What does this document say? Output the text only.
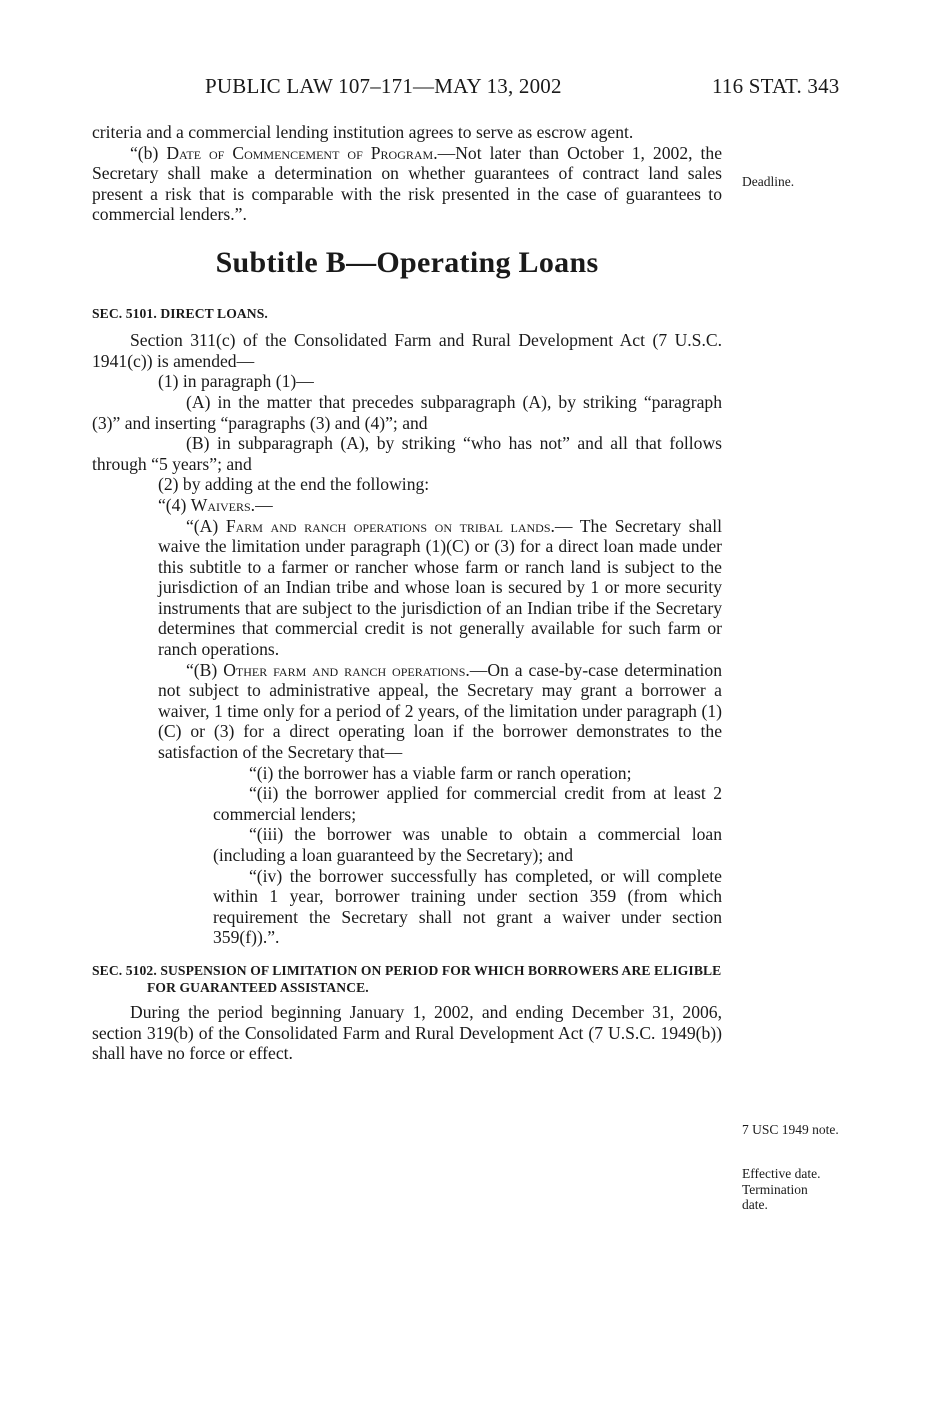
PUBLIC LAW 107–171—MAY 13, 2002	116 STAT. 343

criteria and a commercial lending institution agrees to serve as escrow agent.

“(b) Date of Commencement of Program.—Not later than October 1, 2002, the Secretary shall make a determination on whether guarantees of contract land sales present a risk that is comparable with the risk presented in the case of guarantees to commercial lenders.”.

Subtitle B—Operating Loans
SEC. 5101. DIRECT LOANS.

Section 311(c) of the Consolidated Farm and Rural Development Act (7 U.S.C. 1941(c)) is amended—

(1) in paragraph (1)—

(A) in the matter that precedes subparagraph (A), by striking “paragraph (3)” and inserting “paragraphs (3) and (4)”; and

(B) in subparagraph (A), by striking “who has not” and all that follows through “5 years”; and

(2) by adding at the end the following:

“(4) Waivers.—

“(A) Farm and ranch operations on tribal lands.— The Secretary shall waive the limitation under paragraph (1)(C) or (3) for a direct loan made under this subtitle to a farmer or rancher whose farm or ranch land is subject to the jurisdiction of an Indian tribe and whose loan is secured by 1 or more security instruments that are subject to the jurisdiction of an Indian tribe if the Secretary determines that commercial credit is not generally available for such farm or ranch operations.

“(B) Other farm and ranch operations.—On a case-by-case determination not subject to administrative appeal, the Secretary may grant a borrower a waiver, 1 time only for a period of 2 years, of the limitation under paragraph (1)(C) or (3) for a direct operating loan if the borrower demonstrates to the satisfaction of the Secretary that—

“(i) the borrower has a viable farm or ranch operation;

“(ii) the borrower applied for commercial credit from at least 2 commercial lenders;

“(iii) the borrower was unable to obtain a commercial loan (including a loan guaranteed by the Secretary); and

“(iv) the borrower successfully has completed, or will complete within 1 year, borrower training under section 359 (from which requirement the Secretary shall not grant a waiver under section 359(f)).”.

SEC. 5102. SUSPENSION OF LIMITATION ON PERIOD FOR WHICH BORROWERS ARE ELIGIBLE FOR GUARANTEED ASSISTANCE.

During the period beginning January 1, 2002, and ending December 31, 2006, section 319(b) of the Consolidated Farm and Rural Development Act (7 U.S.C. 1949(b)) shall have no force or effect.

Deadline.
7 USC 1949 note.
Effective date.
Termination date.
